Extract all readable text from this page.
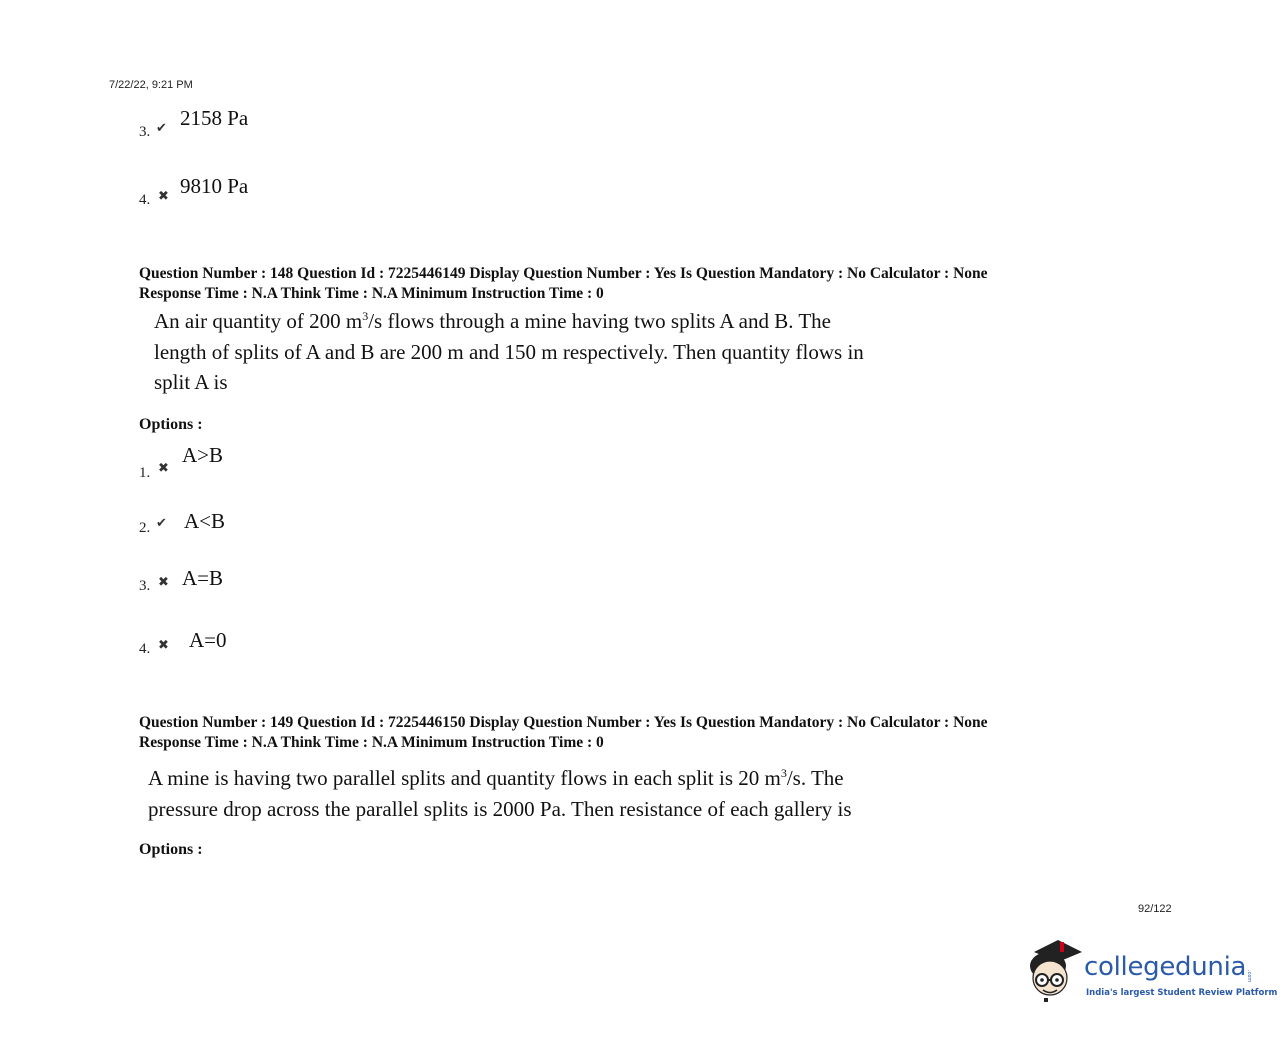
7/22/22, 9:21 PM
3. ✔ 2158 Pa
4. ✖ 9810 Pa
Question Number : 148 Question Id : 7225446149 Display Question Number : Yes Is Question Mandatory : No Calculator : None
Response Time : N.A Think Time : N.A Minimum Instruction Time : 0
An air quantity of 200 $m^3/s$ flows through a mine having two splits A and B. The
length of splits of A and B are 200 m and 150 m respectively. Then quantity flows in
split A is
Options :
1. ✖
A>B
2. ✔ A<B
3. ✖ A=B
4. ✖ A=0
Question Number : 149 Question Id : 7225446150 Display Question Number : Yes Is Question Mandatory : No Calculator : None
Response Time : N.A Think Time : N.A Minimum Instruction Time : 0
A mine is having two parallel splits and quantity flows in each split is 20 $m^3/s$. The
pressure drop across the parallel splits is 2000 Pa. Then resistance of each gallery is
Options :
92/122
collegedunia.com
India's largest Student Review Platform
